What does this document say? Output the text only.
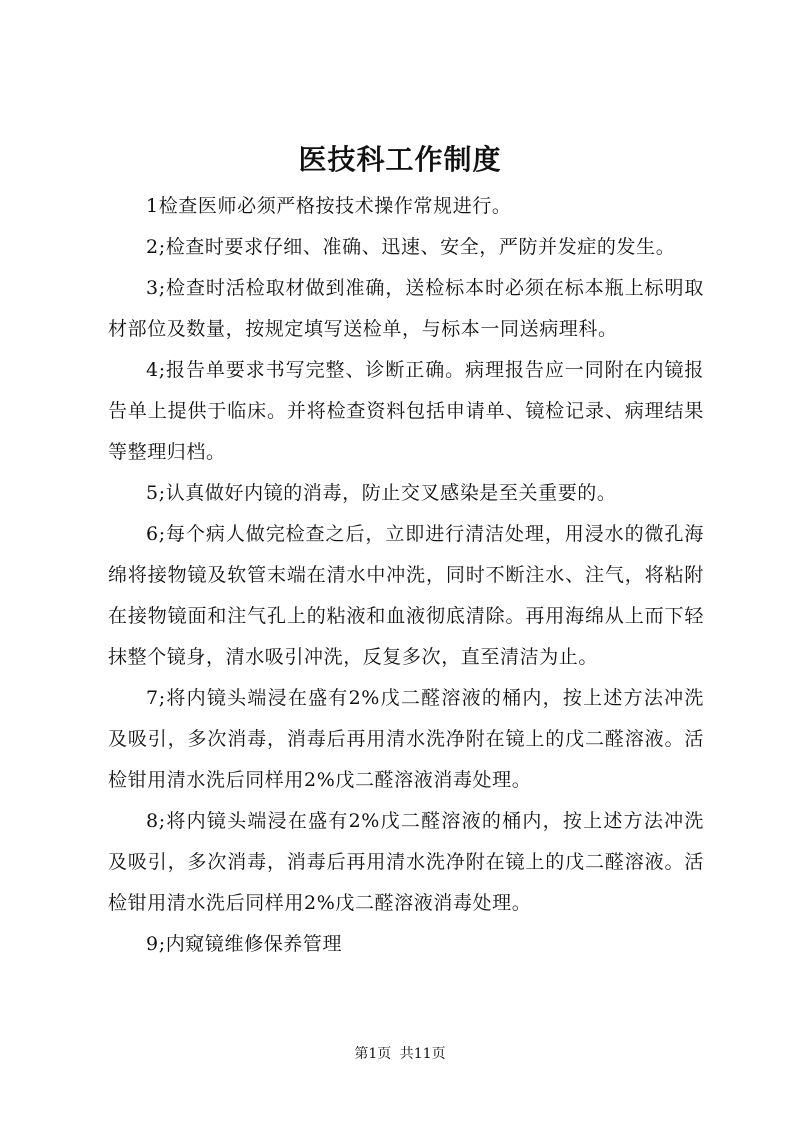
医技科工作制度

1检查医师必须严格按技术操作常规进行。

2;检查时要求仔细、准确、迅速、安全，严防并发症的发生。

3;检查时活检取材做到准确，送检标本时必须在标本瓶上标明取材部位及数量，按规定填写送检单，与标本一同送病理科。

4;报告单要求书写完整、诊断正确。病理报告应一同附在内镜报告单上提供于临床。并将检查资料包括申请单、镜检记录、病理结果等整理归档。

5;认真做好内镜的消毒，防止交叉感染是至关重要的。

6;每个病人做完检查之后，立即进行清洁处理，用浸水的微孔海绵将接物镜及软管末端在清水中冲洗，同时不断注水、注气，将粘附在接物镜面和注气孔上的粘液和血液彻底清除。再用海绵从上而下轻抹整个镜身，清水吸引冲洗，反复多次，直至清洁为止。

7;将内镜头端浸在盛有2%戊二醛溶液的桶内，按上述方法冲洗及吸引，多次消毒，消毒后再用清水洗净附在镜上的戊二醛溶液。活检钳用清水洗后同样用2%戊二醛溶液消毒处理。

8;将内镜头端浸在盛有2%戊二醛溶液的桶内，按上述方法冲洗及吸引，多次消毒，消毒后再用清水洗净附在镜上的戊二醛溶液。活检钳用清水洗后同样用2%戊二醛溶液消毒处理。

9;内窥镜维修保养管理

第1页 共11页
